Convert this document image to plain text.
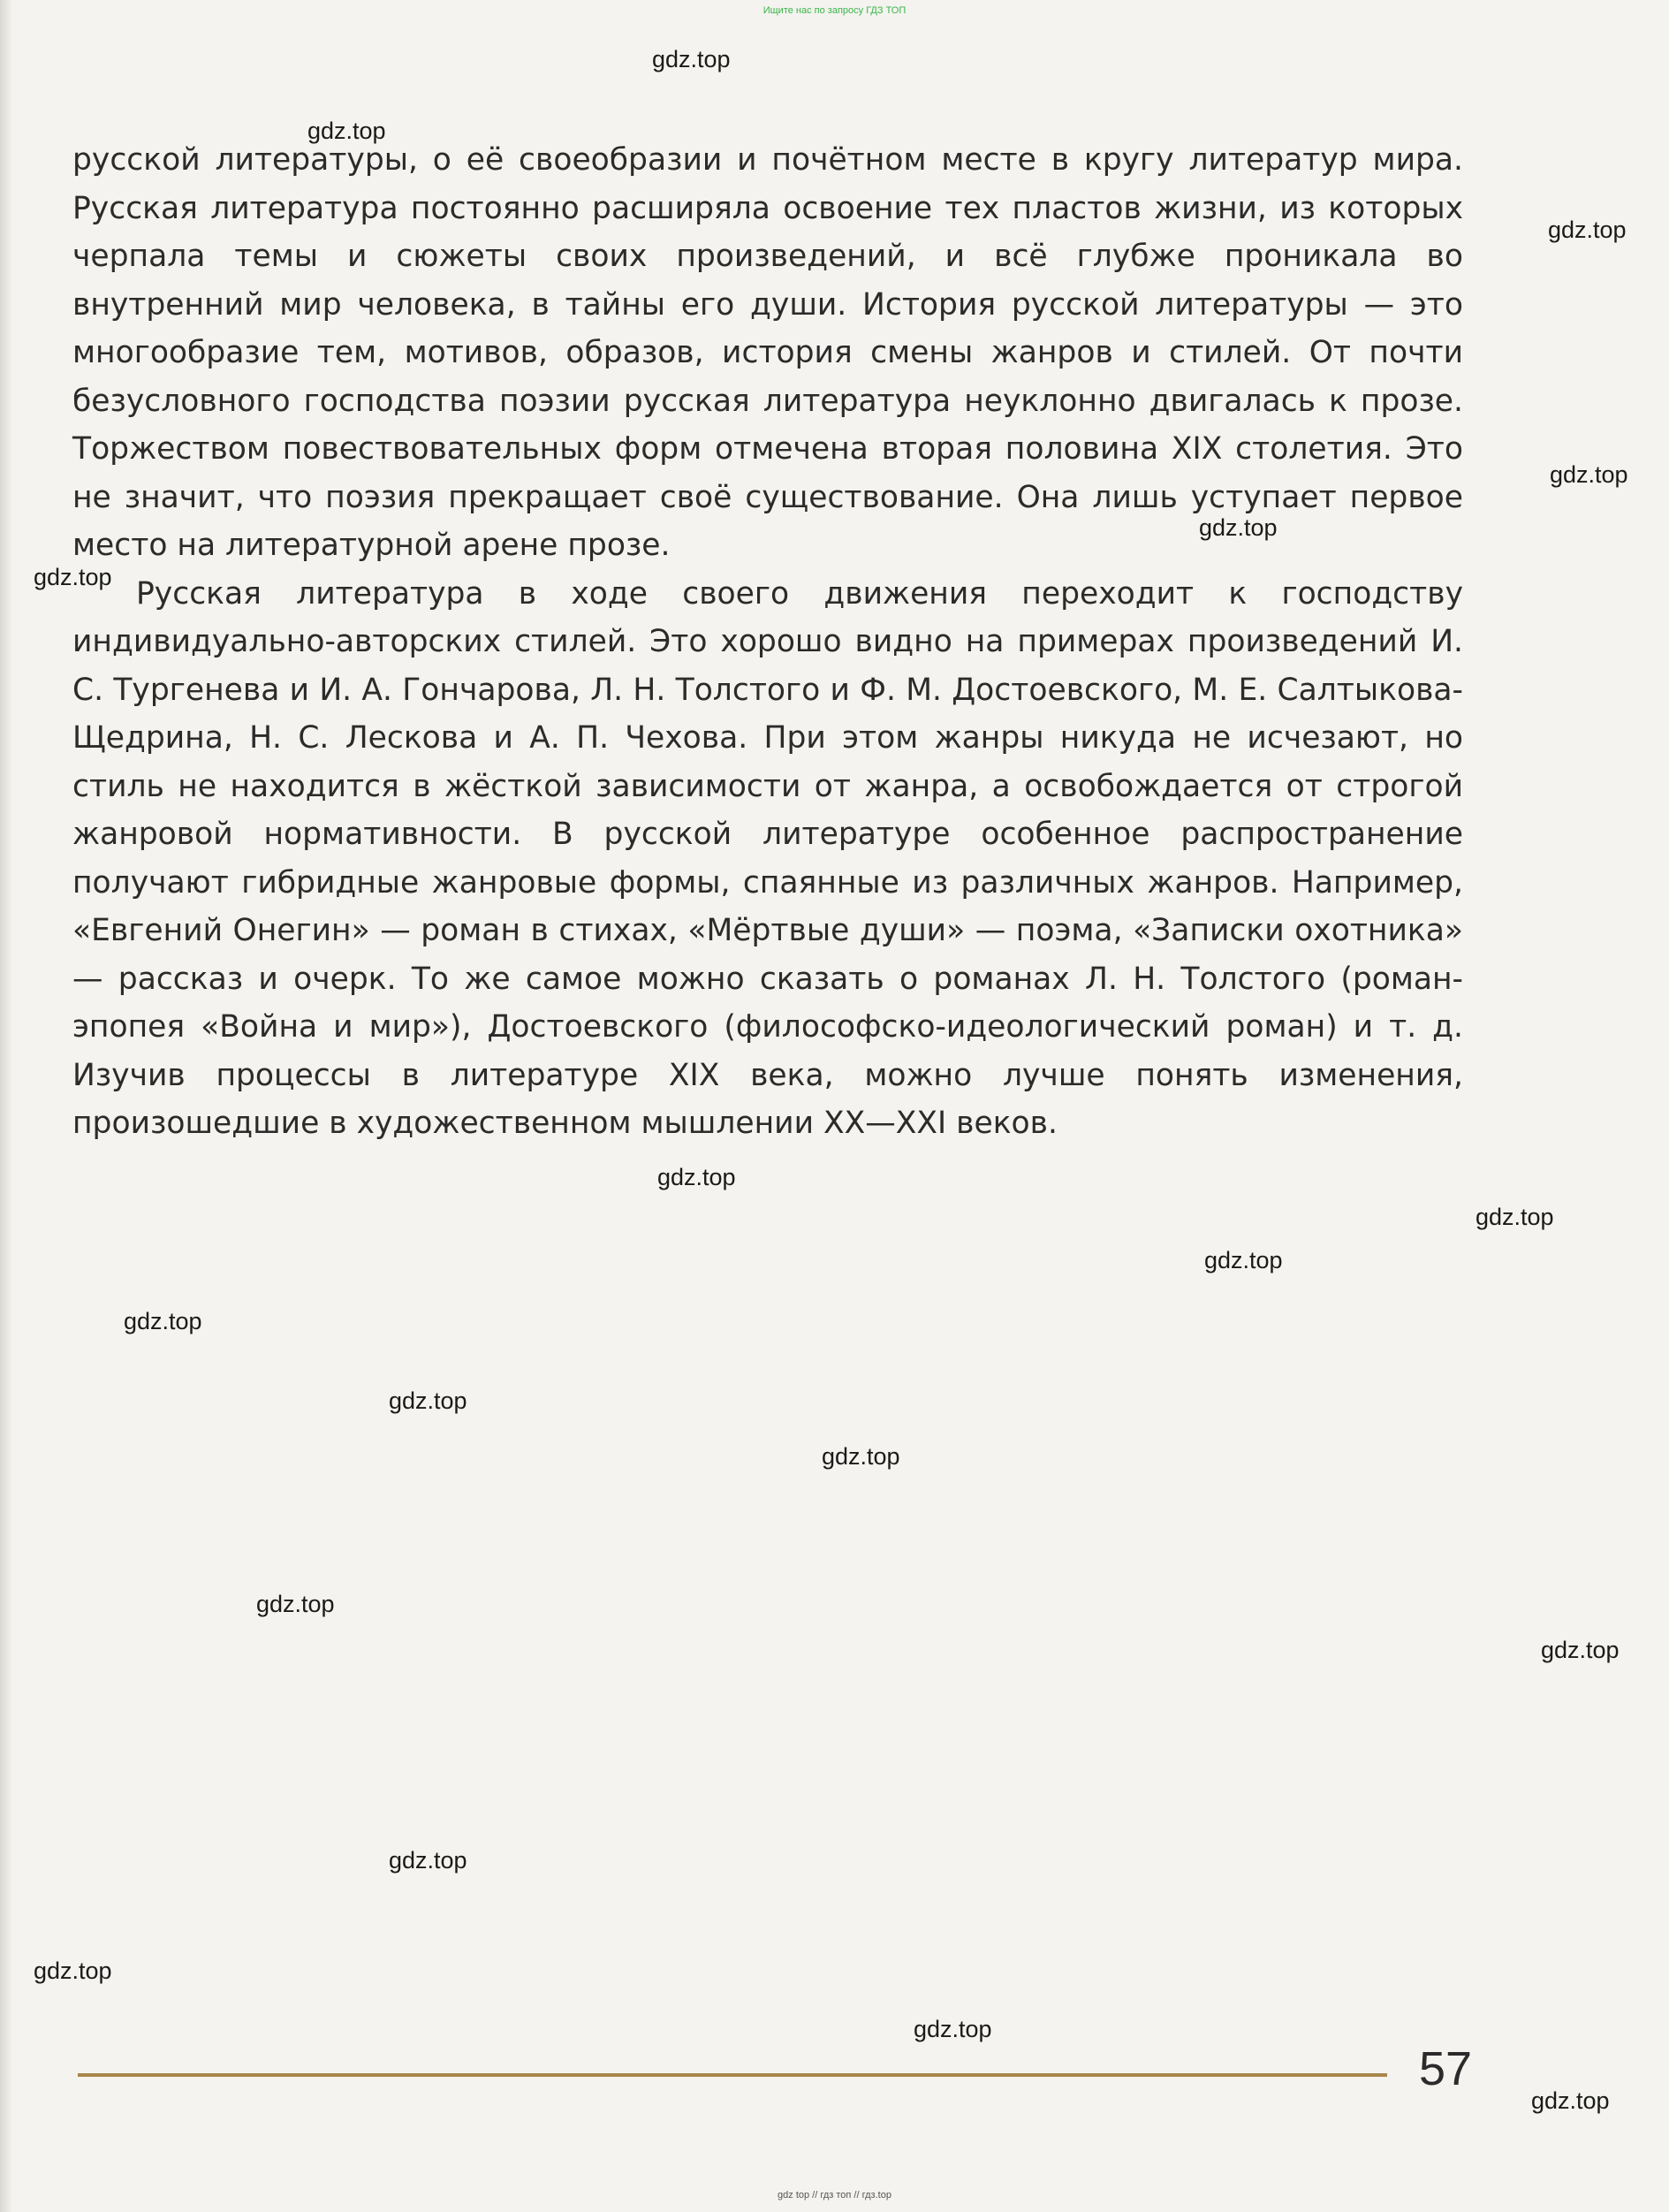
Ищите нас по запросу ГДЗ ТОП

русской литературы, о её своеобразии и почётном месте в кругу литератур мира. Русская литература постоянно расширяла освоение тех пластов жизни, из которых черпала темы и сюжеты своих произведений, и всё глубже проникала во внутренний мир человека, в тайны его души. История русской литературы — это многообразие тем, мотивов, образов, история смены жанров и стилей. От почти безусловного господства поэзии русская литература неуклонно двигалась к прозе. Торжеством повествовательных форм отмечена вторая половина XIX столетия. Это не значит, что поэзия прекращает своё существование. Она лишь уступает первое место на литературной арене прозе.

Русская литература в ходе своего движения переходит к господству индивидуально-авторских стилей. Это хорошо видно на примерах произведений И. С. Тургенева и И. А. Гончарова, Л. Н. Толстого и Ф. М. Достоевского, М. Е. Салтыкова-Щедрина, Н. С. Лескова и А. П. Чехова. При этом жанры никуда не исчезают, но стиль не находится в жёсткой зависимости от жанра, а освобождается от строгой жанровой нормативности. В русской литературе особенное распространение получают гибридные жанровые формы, спаянные из различных жанров. Например, «Евгений Онегин» — роман в стихах, «Мёртвые души» — поэма, «Записки охотника» — рассказ и очерк. То же самое можно сказать о романах Л. Н. Толстого (роман-эпопея «Война и мир»), Достоевского (философско-идеологический роман) и т. д. Изучив процессы в литературе XIX века, можно лучше понять изменения, произошедшие в художественном мышлении XX—XXI веков.

gdz.top
gdz.top
gdz.top
gdz.top
gdz.top
gdz.top
gdz.top
gdz.top
gdz.top
gdz.top
gdz.top
gdz.top
gdz.top
gdz.top
gdz.top
gdz.top
gdz.top
gdz.top
57
gdz top // гдз топ // гдз.top
